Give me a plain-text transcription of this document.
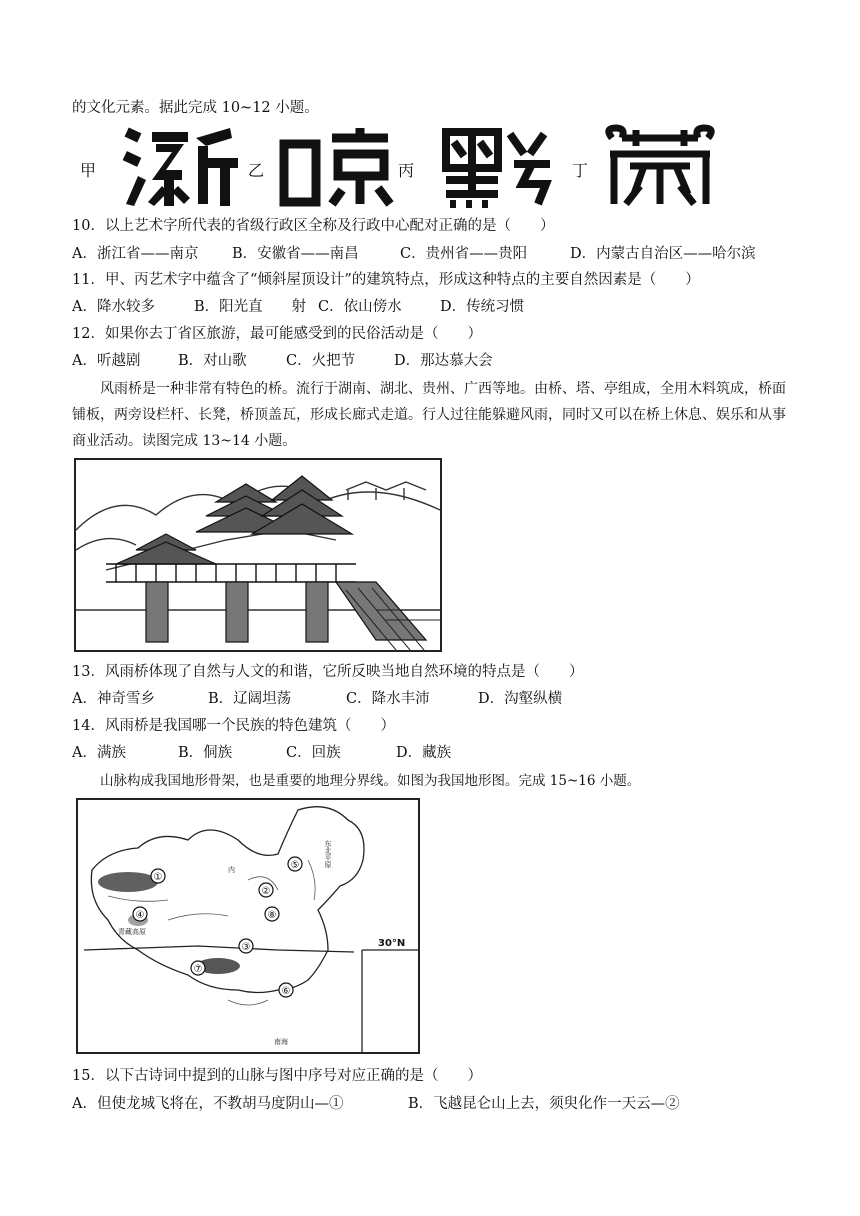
的文化元素。据此完成 10~12 小题。
甲	乙	丙	丁
10．以上艺术字所代表的省级行政区全称及行政中心配对正确的是（　　）
A．浙江省——南京 B．安徽省——南昌	C．贵州省——贵阳	D．内蒙古自治区——哈尔滨
11．甲、丙艺术字中蕴含了“倾斜屋顶设计”的建筑特点，形成这种特点的主要自然因素是（　　）
A．降水较多	B．阳光直　　射 C．依山傍水	D．传统习惯
12．如果你去丁省区旅游，最可能感受到的民俗活动是（　　）
A．听越剧	B．对山歌	C．火把节	D．那达慕大会
风雨桥是一种非常有特色的桥。流行于湖南、湖北、贵州、广西等地。由桥、塔、亭组成，全用木料筑成，桥面铺板，两旁设栏杆、长凳，桥顶盖瓦，形成长廊式走道。行人过往能躲避风雨，同时又可以在桥上休息、娱乐和从事商业活动。读图完成 13~14 小题。
13．风雨桥体现了自然与人文的和谐，它所反映当地自然环境的特点是（　　）
A．神奇雪乡	B．辽阔坦荡	C．降水丰沛	D．沟壑纵横
14．风雨桥是我国哪一个民族的特色建筑（　　）
A．满族	B．侗族	C．回族	D．藏族
山脉构成我国地形骨架，也是重要的地理分界线。如图为我国地形图。完成 15~16 小题。
①
⑤
③
④
②
⑥
⑦
⑧
东北平原
内
青藏高原
南海
30°N
15．以下古诗词中提到的山脉与图中序号对应正确的是（　　）
A．但使龙城飞将在，不教胡马度阴山—①	B．飞越昆仑山上去，须臾化作一天云—②
